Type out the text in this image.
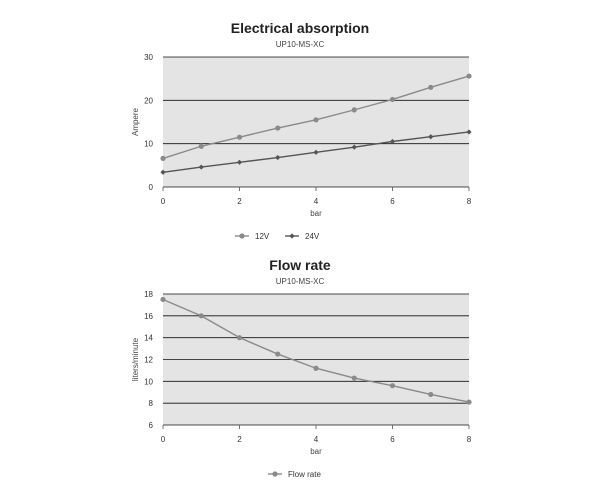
Electrical absorption
UP10-MS-XC
Flow rate
UP10-MS-XC
0
10
20
30
0	2	4	6	8
bar
Ampere
12V	24V
6
8
10
12
14
16
18
0	2	4	6	8
bar
liters/minute
Flow rate
